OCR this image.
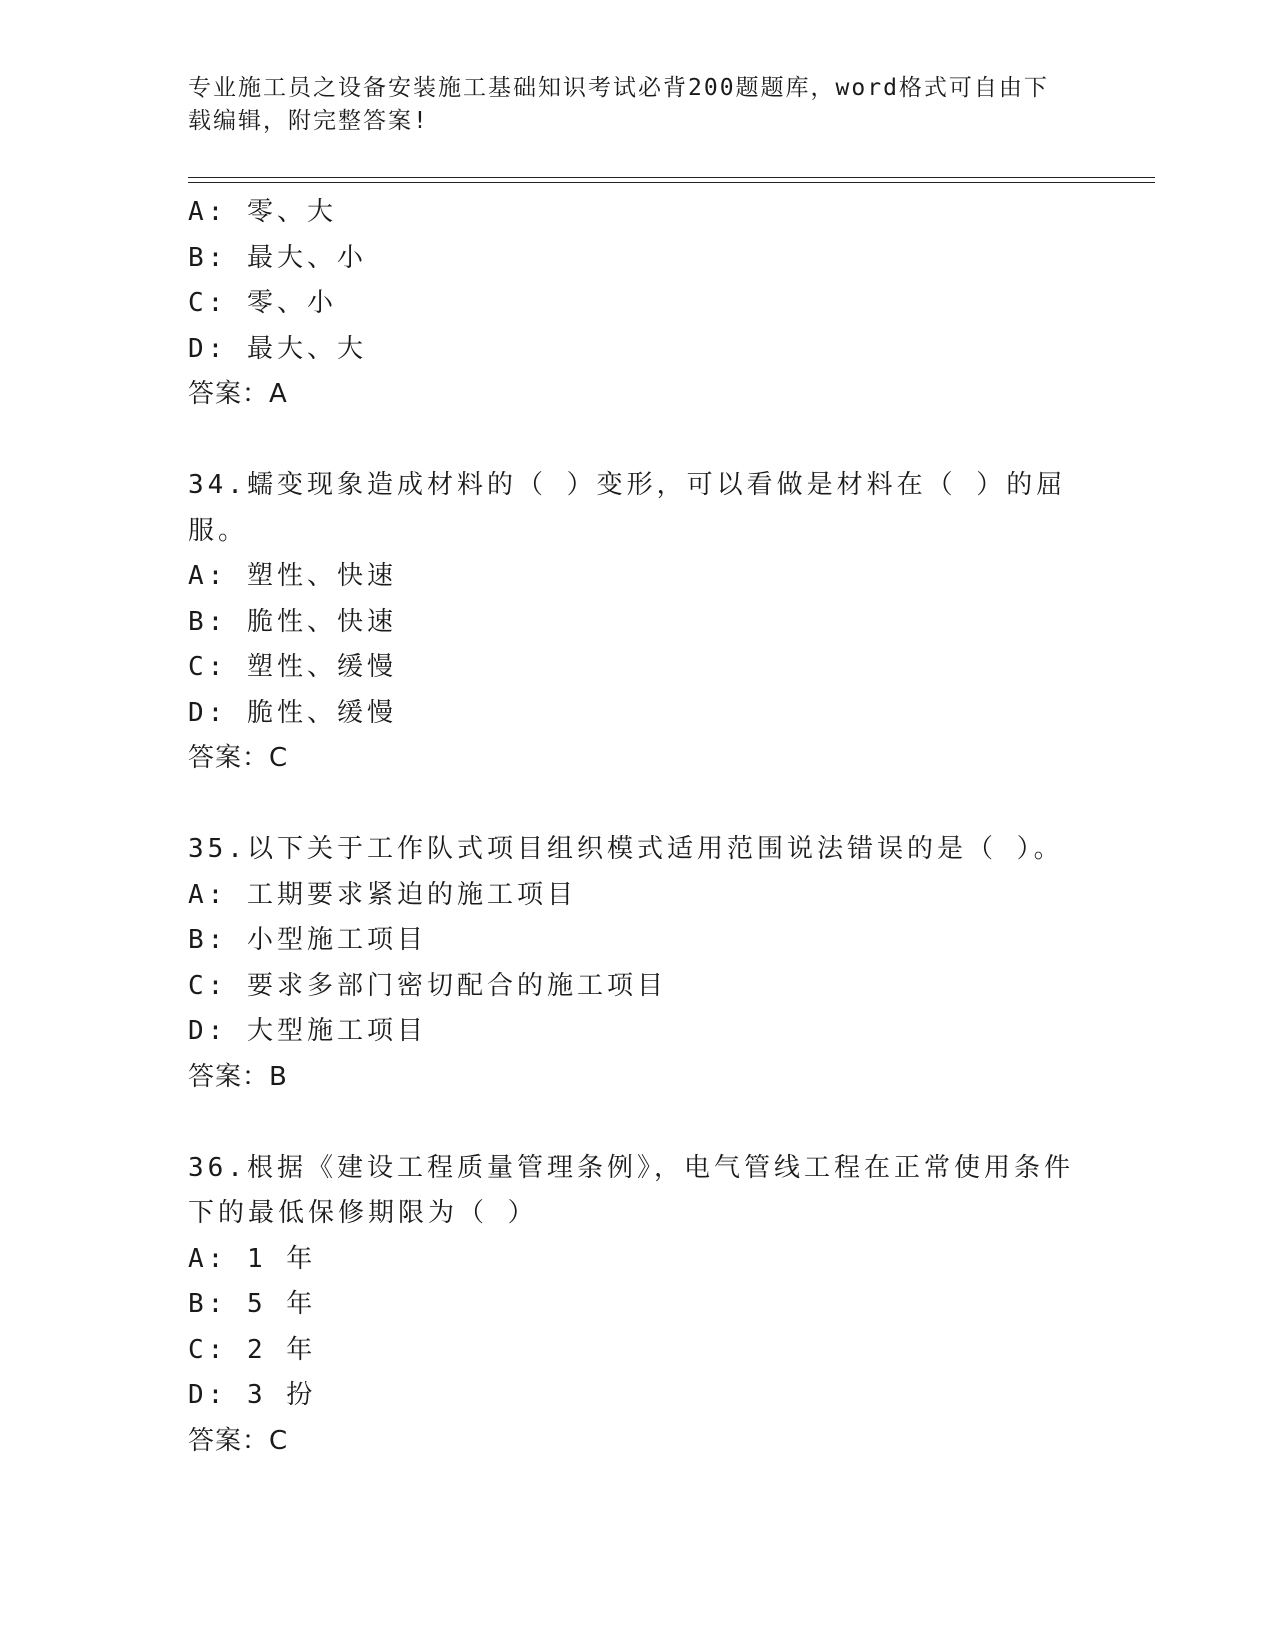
专业施工员之设备安装施工基础知识考试必背200题题库，word格式可自由下载编辑，附完整答案!
A: 零、大
B: 最大、小
C: 零、小
D: 最大、大
答案：A
34.蠕变现象造成材料的（ ）变形，可以看做是材料在（ ）的屈服。
A: 塑性、快速
B: 脆性、快速
C: 塑性、缓慢
D: 脆性、缓慢
答案：C
35.以下关于工作队式项目组织模式适用范围说法错误的是（ ）。
A: 工期要求紧迫的施工项目
B: 小型施工项目
C: 要求多部门密切配合的施工项目
D: 大型施工项目
答案：B
36.根据《建设工程质量管理条例》，电气管线工程在正常使用条件下的最低保修期限为（ ）
A: 1 年
B: 5 年
C: 2 年
D: 3 扮
答案：C
